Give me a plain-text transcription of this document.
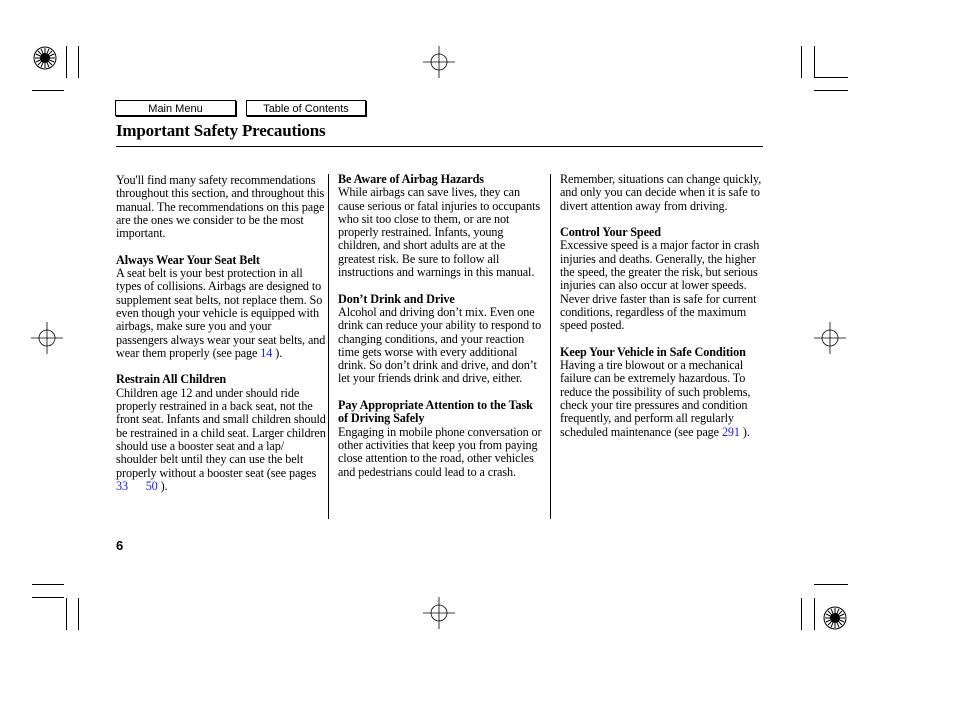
Main Menu	Table of Contents
Important Safety Precautions

You'll find many safety recommendations throughout this section, and throughout this manual. The recommendations on this page are the ones we consider to be the most important.

Always Wear Your Seat Belt

A seat belt is your best protection in all types of collisions. Airbags are designed to supplement seat belts, not replace them. So even though your vehicle is equipped with airbags, make sure you and your passengers always wear your seat belts, and wear them properly (see page 14 ).

Restrain All Children

Children age 12 and under should ride properly restrained in a back seat, not the front seat. Infants and small children should be restrained in a child seat. Larger children should use a booster seat and a lap/ shoulder belt until they can use the belt properly without a booster seat (see pages 33 50 ).

Be Aware of Airbag Hazards

While airbags can save lives, they can cause serious or fatal injuries to occupants who sit too close to them, or are not properly restrained. Infants, young children, and short adults are at the greatest risk. Be sure to follow all instructions and warnings in this manual.

Don’t Drink and Drive

Alcohol and driving don’t mix. Even one drink can reduce your ability to respond to changing conditions, and your reaction time gets worse with every additional drink. So don’t drink and drive, and don’t let your friends drink and drive, either.

Pay Appropriate Attention to the Task of Driving Safely

Engaging in mobile phone conversation or other activities that keep you from paying close attention to the road, other vehicles and pedestrians could lead to a crash.

Remember, situations can change quickly, and only you can decide when it is safe to divert attention away from driving.

Control Your Speed

Excessive speed is a major factor in crash injuries and deaths. Generally, the higher the speed, the greater the risk, but serious injuries can also occur at lower speeds. Never drive faster than is safe for current conditions, regardless of the maximum speed posted.

Keep Your Vehicle in Safe Condition

Having a tire blowout or a mechanical failure can be extremely hazardous. To reduce the possibility of such problems, check your tire pressures and condition frequently, and perform all regularly scheduled maintenance (see page 291 ).

6
